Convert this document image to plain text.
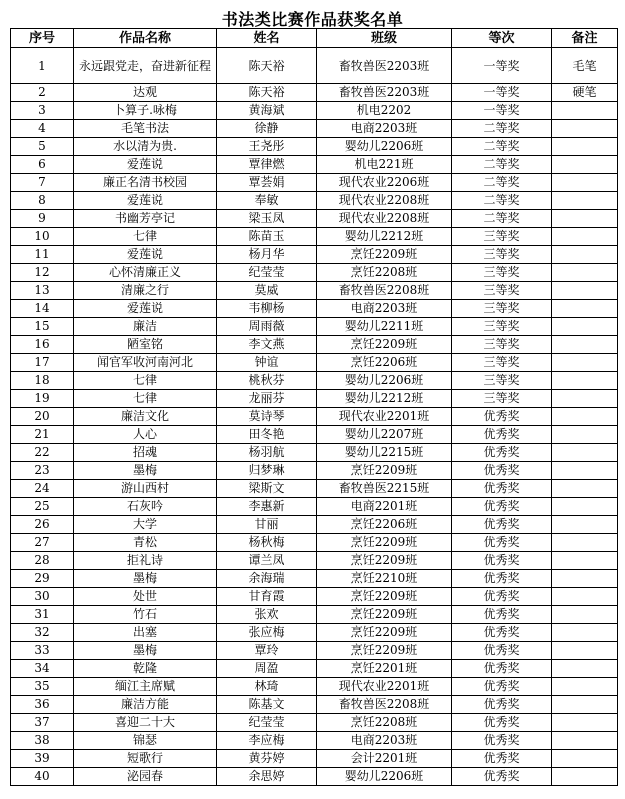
书法类比赛作品获奖名单
序号	作品名称	姓名	班级	等次	备注
1	永远跟党走，奋进新征程	陈天裕	畜牧兽医2203班	一等奖	毛笔
2	达观	陈天裕	畜牧兽医2203班	一等奖	硬笔
3	卜算子.咏梅	黄海斌	机电2202	一等奖	
4	毛笔书法	徐静	电商2203班	二等奖	
5	水以清为贵.	王尧彤	婴幼儿2206班	二等奖	
6	爱莲说	覃律燃	机电221班	二等奖	
7	廉正名清书校园	覃荟娟	现代农业2206班	二等奖	
8	爱莲说	奉敏	现代农业2208班	二等奖	
9	书幽芳亭记	梁玉凤	现代农业2208班	二等奖	
10	七律	陈苗玉	婴幼儿2212班	三等奖	
11	爱莲说	杨月华	烹饪2209班	三等奖	
12	心怀清廉正义	纪莹莹	烹饪2208班	三等奖	
13	清廉之行	莫威	畜牧兽医2208班	三等奖	
14	爱莲说	韦柳杨	电商2203班	三等奖	
15	廉洁	周雨薇	婴幼儿2211班	三等奖	
16	陋室铭	李文燕	烹饪2209班	三等奖	
17	闻官军收河南河北	钟谊	烹饪2206班	三等奖	
18	七律	桃秋芬	婴幼儿2206班	三等奖	
19	七律	龙丽芬	婴幼儿2212班	三等奖	
20	廉洁文化	莫诗琴	现代农业2201班	优秀奖	
21	人心	田冬艳	婴幼儿2207班	优秀奖	
22	招魂	杨羽航	婴幼儿2215班	优秀奖	
23	墨梅	归梦琳	烹饪2209班	优秀奖	
24	游山西村	梁斯文	畜牧兽医2215班	优秀奖	
25	石灰吟	李惠新	电商2201班	优秀奖	
26	大学	甘丽	烹饪2206班	优秀奖	
27	青松	杨秋梅	烹饪2209班	优秀奖	
28	拒礼诗	谭兰凤	烹饪2209班	优秀奖	
29	墨梅	余海瑞	烹饪2210班	优秀奖	
30	处世	甘育霞	烹饪2209班	优秀奖	
31	竹石	张欢	烹饪2209班	优秀奖	
32	出塞	张应梅	烹饪2209班	优秀奖	
33	墨梅	覃玲	烹饪2209班	优秀奖	
34	乾隆	周盈	烹饪2201班	优秀奖	
35	缅江主席赋	林琦	现代农业2201班	优秀奖	
36	廉洁方能	陈基文	畜牧兽医2208班	优秀奖	
37	喜迎二十大	纪莹莹	烹饪2208班	优秀奖	
38	锦瑟	李应梅	电商2203班	优秀奖	
39	短歌行	黄芬婷	会计2201班	优秀奖	
40	泌园春	余思婷	婴幼儿2206班	优秀奖	
